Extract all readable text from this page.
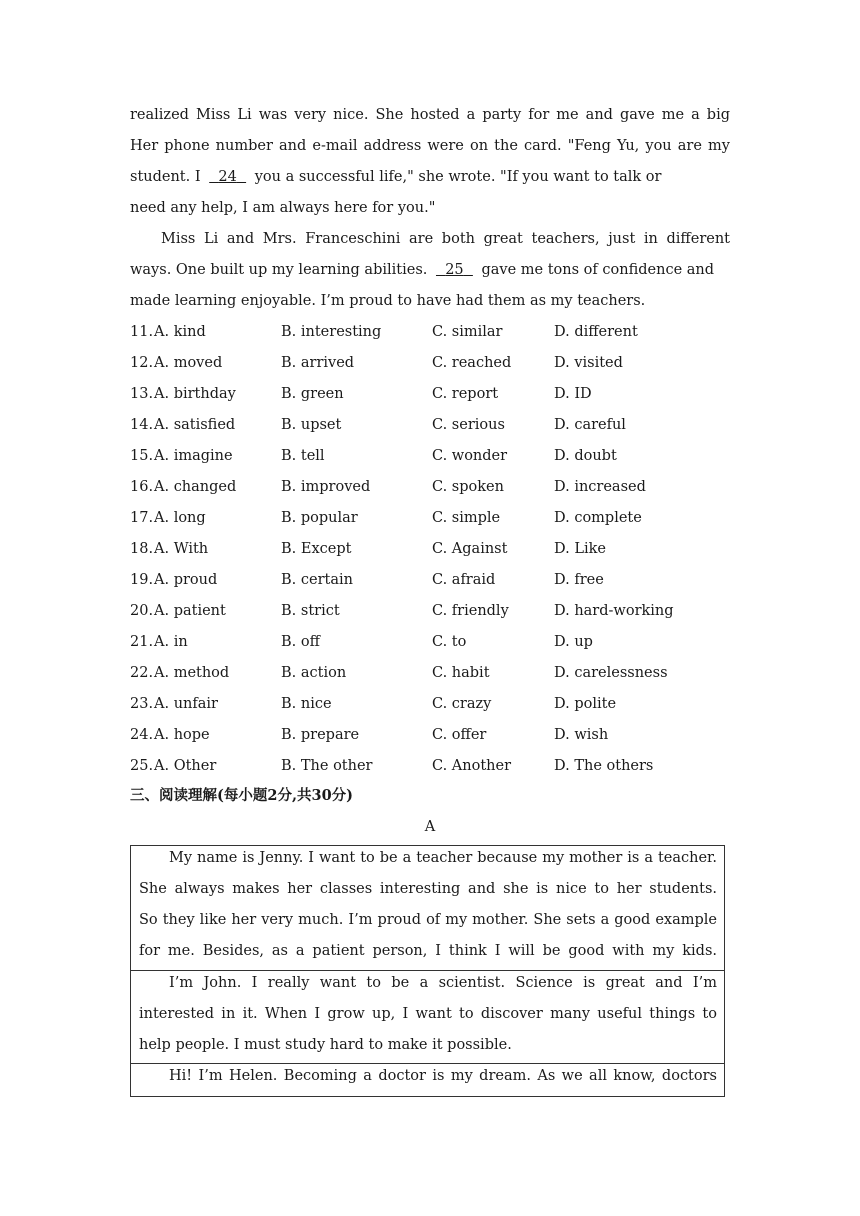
realized Miss Li was very nice. She hosted a party for me and gave me a big
Her phone number and e-mail address were on the card. "Feng Yu, you are my
student. I 24 you a successful life," she wrote. "If you want to talk or
need any help, I am always here for you."
Miss Li and Mrs. Franceschini are both great teachers, just in different
ways. One built up my learning abilities. 25 gave me tons of confidence and
made learning enjoyable. I’m proud to have had them as my teachers.
11. A. kind	B. interesting	C. similar	D. different
12. A. moved	B. arrived	C. reached	D. visited
13. A. birthday	B. green	C. report	D. ID
14. A. satisfied	B. upset	C. serious	D. careful
15. A. imagine	B. tell	C. wonder	D. doubt
16. A. changed	B. improved	C. spoken	D. increased
17. A. long	B. popular	C. simple	D. complete
18. A. With	B. Except	C. Against	D. Like
19. A. proud	B. certain	C. afraid	D. free
20. A. patient	B. strict	C. friendly	D. hard-working
21. A. in	B. off	C. to	D. up
22. A. method	B. action	C. habit	D. carelessness
23. A. unfair	B. nice	C. crazy	D. polite
24. A. hope	B. prepare	C. offer	D. wish
25. A. Other	B. The other	C. Another	D. The others
三、阅读理解(每小题2分,共30分)
A
My name is Jenny. I want to be a teacher because my mother is a teacher.
She always makes her classes interesting and she is nice to her students.
So they like her very much. I’m proud of my mother. She sets a good example
for me. Besides, as a patient person, I think I will be good with my kids.
I’m John. I really want to be a scientist. Science is great and I’m
interested in it. When I grow up, I want to discover many useful things to
help people. I must study hard to make it possible.
Hi! I’m Helen. Becoming a doctor is my dream. As we all know, doctors
